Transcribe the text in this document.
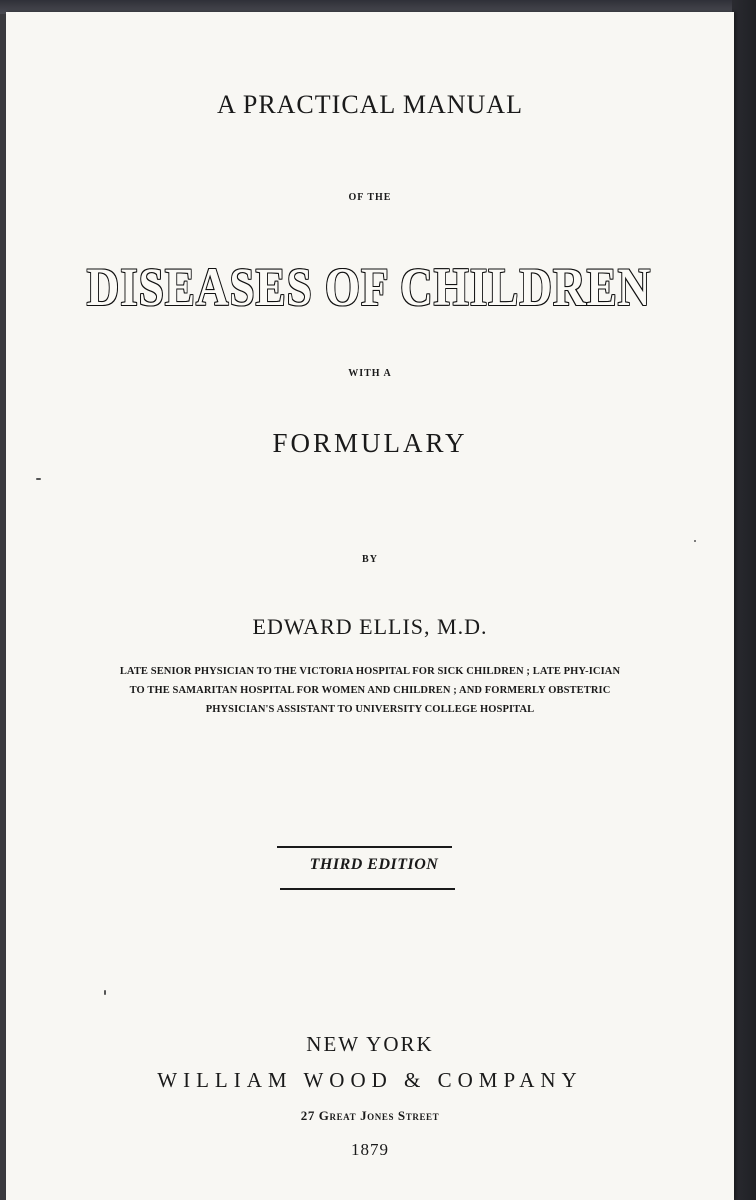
A PRACTICAL MANUAL
OF THE
DISEASES OF CHILDREN
WITH A
FORMULARY
BY
EDWARD ELLIS, M.D.
LATE SENIOR PHYSICIAN TO THE VICTORIA HOSPITAL FOR SICK CHILDREN ; LATE PHY-ICIAN
TO THE SAMARITAN HOSPITAL FOR WOMEN AND CHILDREN ; AND FORMERLY OBSTETRIC
PHYSICIAN'S ASSISTANT TO UNIVERSITY COLLEGE HOSPITAL
THIRD EDITION
NEW YORK
WILLIAM WOOD & COMPANY
27 Great Jones Street
1879
